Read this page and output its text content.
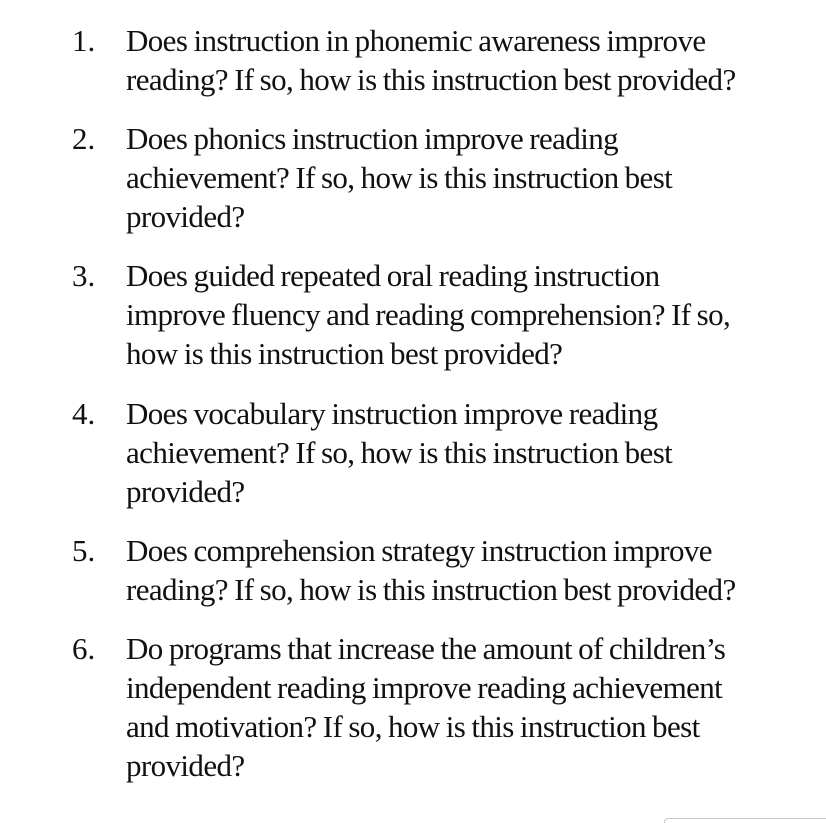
1. Does instruction in phonemic awareness improve
reading? If so, how is this instruction best provided?
2. Does phonics instruction improve reading
achievement? If so, how is this instruction best
provided?
3. Does guided repeated oral reading instruction
improve fluency and reading comprehension? If so,
how is this instruction best provided?
4. Does vocabulary instruction improve reading
achievement? If so, how is this instruction best
provided?
5. Does comprehension strategy instruction improve
reading? If so, how is this instruction best provided?
6. Do programs that increase the amount of children’s
independent reading improve reading achievement
and motivation? If so, how is this instruction best
provided?
